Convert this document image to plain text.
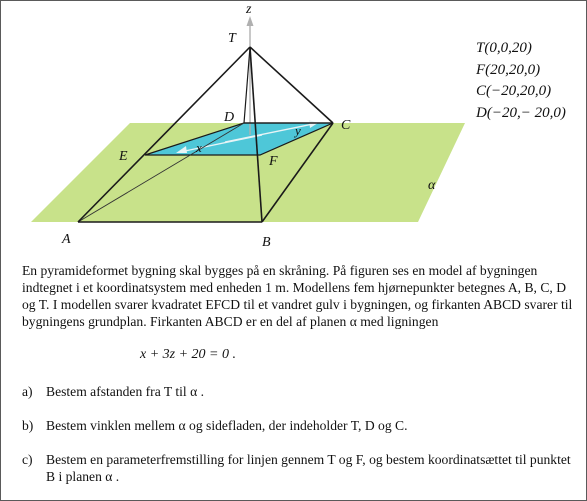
z
T
D
C
E	F
A	B
x
y
α
T(0,0,20)
F(20,20,0)
C(−20,20,0)
D(−20,− 20,0)

En pyramideformet bygning skal bygges på en skråning. På figuren ses en model af bygningen indtegnet i et koordinatsystem med enheden 1 m. Modellens fem hjørnepunkter betegnes A, B, C, D og T. I modellen svarer kvadratet EFCD til et vandret gulv i bygningen, og firkanten ABCD svarer til bygningens grundplan. Firkanten ABCD er en del af planen α med ligningen

x + 3z + 20 = 0 .
a) Bestem afstanden fra T til α .
b) Bestem vinklen mellem α og sidefladen, der indeholder T, D og C.
c) Bestem en parameterfremstilling for linjen gennem T og F, og bestem koordinatsættet til punktet B i planen α .
